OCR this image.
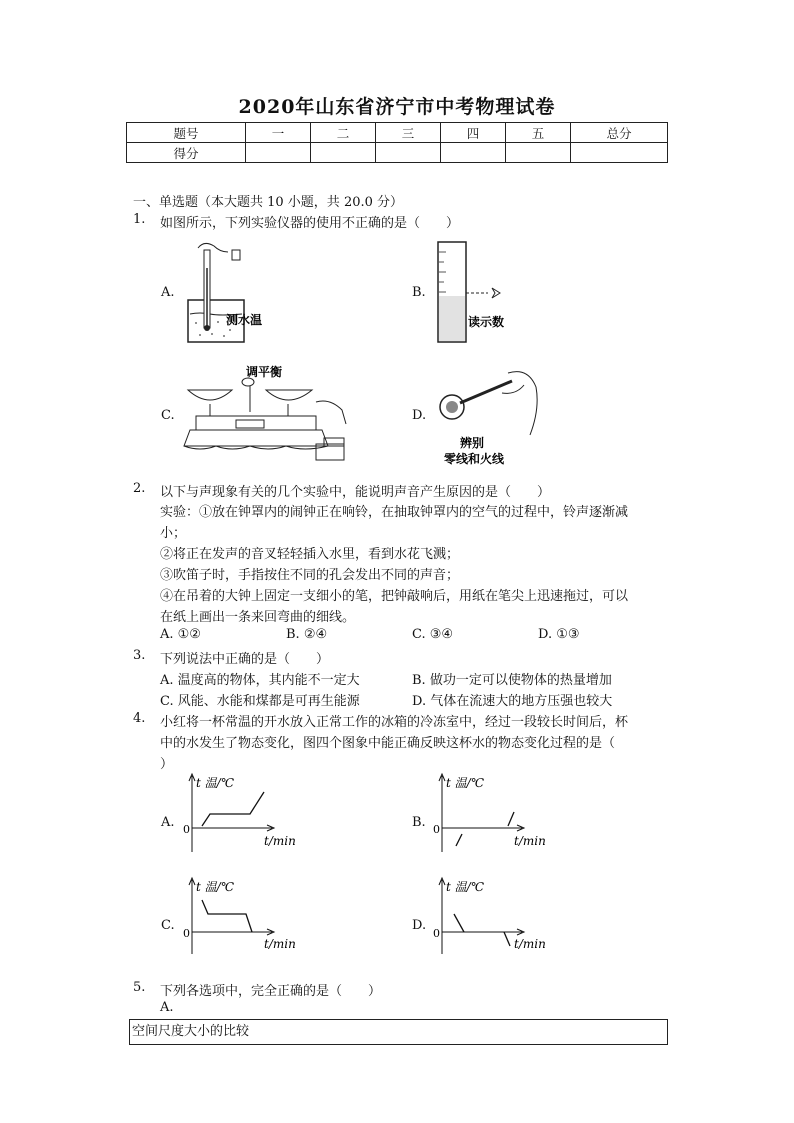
2020年山东省济宁市中考物理试卷
题号	一	二	三	四	五	总分
得分						
一、单选题（本大题共 10 小题，共 20.0 分）
1. 如图所示，下列实验仪器的使用不正确的是（　　）
A.
测水温
B.
读示数
C.
调平衡
D.
辨别
零线和火线
2. 以下与声现象有关的几个实验中，能说明声音产生原因的是（　　）
实验：①放在钟罩内的闹钟正在响铃，在抽取钟罩内的空气的过程中，铃声逐渐减
小；
②将正在发声的音叉轻轻插入水里，看到水花飞溅；
③吹笛子时，手指按住不同的孔会发出不同的声音；
④在吊着的大钟上固定一支细小的笔，把钟敲响后，用纸在笔尖上迅速拖过，可以
在纸上画出一条来回弯曲的细线。
A. ①②	B. ②④	C. ③④	D. ①③
3. 下列说法中正确的是（　　）
A. 温度高的物体，其内能不一定大	B. 做功一定可以使物体的热量增加
C. 风能、水能和煤都是可再生能源	D. 气体在流速大的地方压强也较大
4. 小红将一杯常温的开水放入正常工作的冰箱的冷冻室中，经过一段较长时间后，杯
中的水发生了物态变化，图四个图象中能正确反映这杯水的物态变化过程的是（
）
A.
t 温/℃
0
t/min
B.
t 温/℃
0
t/min
C.
t 温/℃
0
t/min
D.
t 温/℃
0
t/min
5. 下列各选项中，完全正确的是（　　）
A.
空间尺度大小的比较
